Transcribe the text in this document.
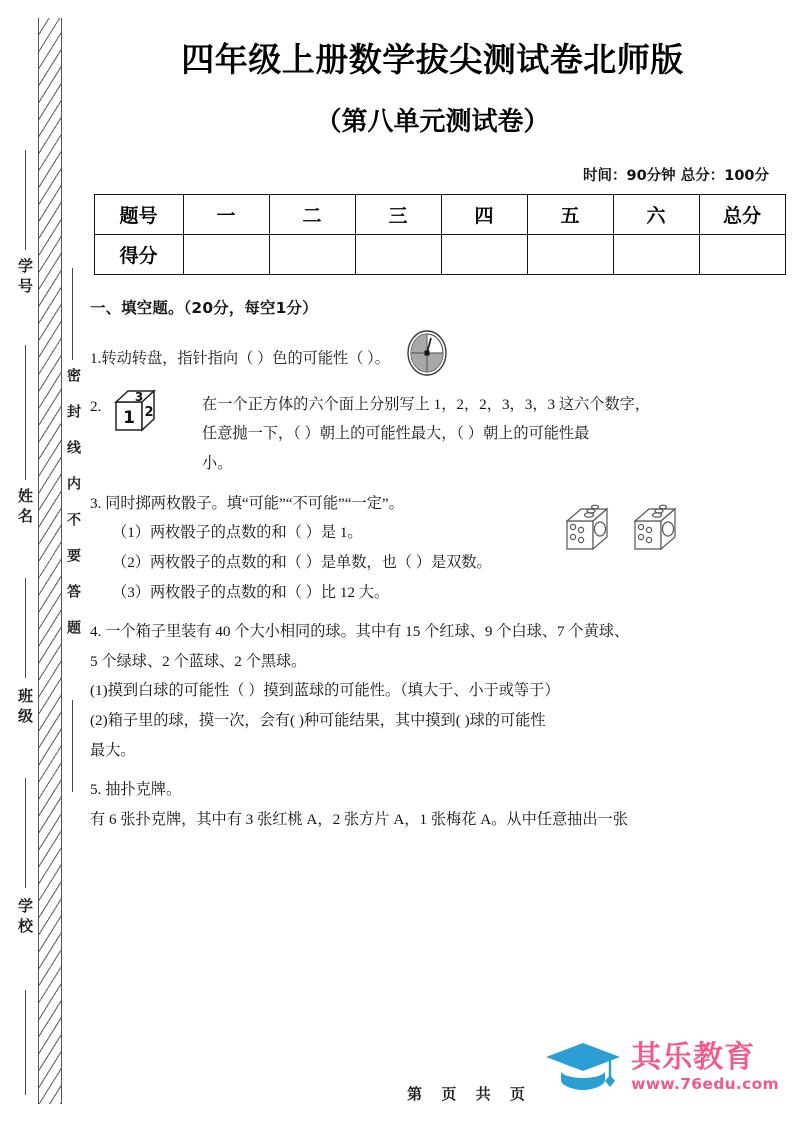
学号
姓名
班级
学校
密封线内不要答题
四年级上册数学拔尖测试卷北师版
（第八单元测试卷）
时间：90分钟 总分：100分
题号	一	二	三	四	五	六	总分
得分							
一、填空题。（20分，每空1分）
1.转动转盘，指针指向（ ）色的可能性（ ）。
2.
1
3
2	在一个正方体的六个面上分别写上 1，2，2，3，3，3 这六个数字，
任意抛一下，（ ）朝上的可能性最大，（ ）朝上的可能性最
小。
3. 同时掷两枚骰子。填“可能”“不可能”“一定”。
（1）两枚骰子的点数的和（ ）是 1。
（2）两枚骰子的点数的和（ ）是单数，也（ ）是双数。
（3）两枚骰子的点数的和（ ）比 12 大。
4. 一个箱子里装有 40 个大小相同的球。其中有 15 个红球、9 个白球、7 个黄球、
5 个绿球、2 个蓝球、2 个黑球。
(1)摸到白球的可能性（ ）摸到蓝球的可能性。（填大于、小于或等于）
(2)箱子里的球，摸一次，会有( )种可能结果，其中摸到( )球的可能性
最大。
5. 抽扑克牌。
有 6 张扑克牌，其中有 3 张红桃 A，2 张方片 A，1 张梅花 A。从中任意抽出一张
第 页 共 页
其乐教育
www.76edu.com
